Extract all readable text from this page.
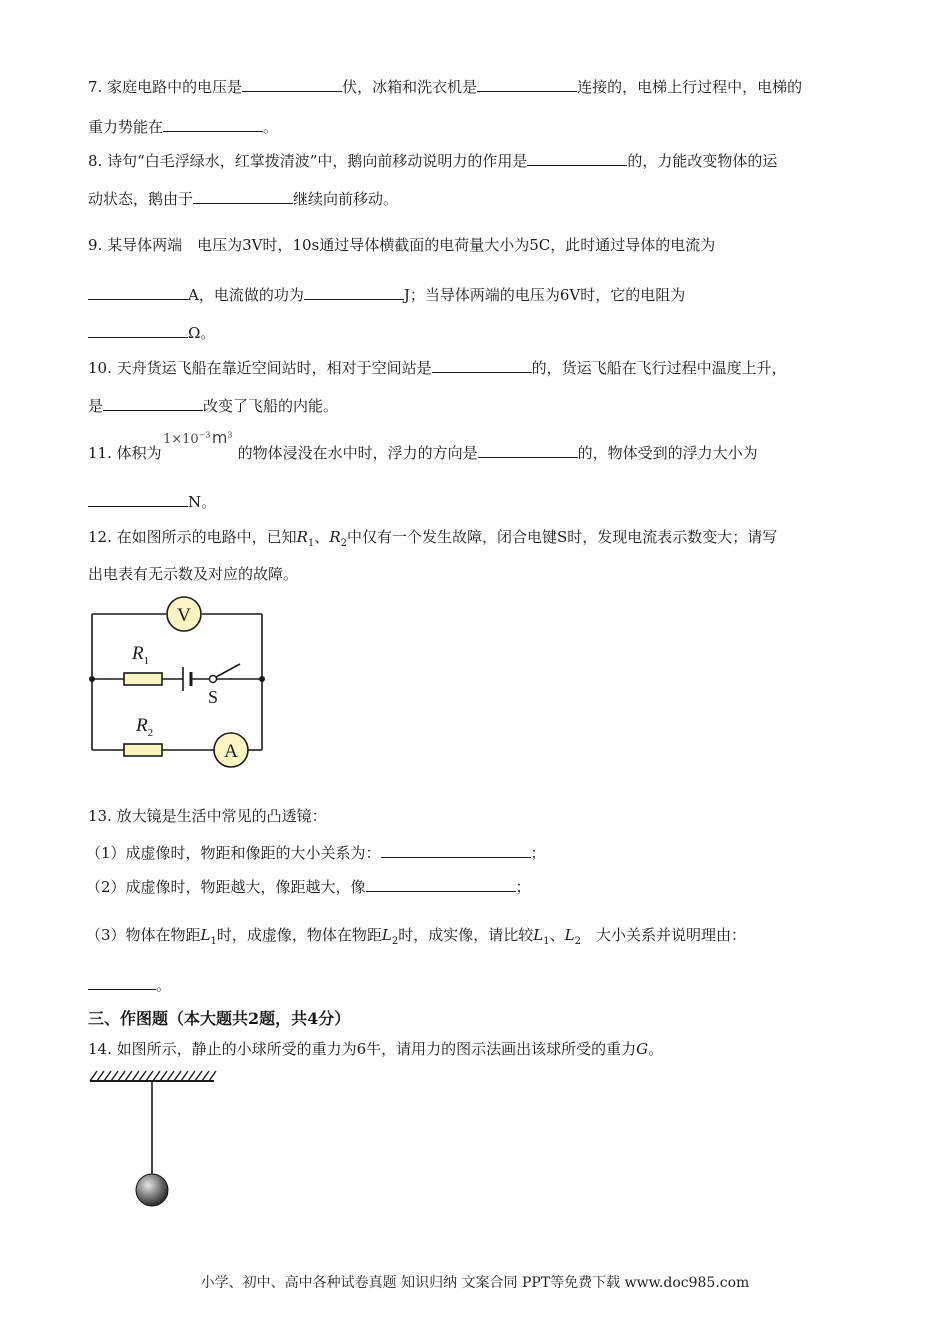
7. 家庭电路中的电压是	伏，冰箱和洗衣机是	连接的，电梯上行过程中，电梯的
重力势能在	。
8. 诗句“白毛浮绿水，红掌拨清波”中，鹅向前移动说明力的作用是	的，力能改变物体的运
动状态，鹅由于	继续向前移动。
9. 某导体两端　电压为3V时，10s通过导体横截面的电荷量大小为5C，此时通过导体的电流为
A，电流做的功为	J；当导体两端的电压为6V时，它的电阻为
Ω。
10. 天舟货运飞船在靠近空间站时，相对于空间站是	的，货运飞船在飞行过程中温度上升，
是	改变了飞船的内能。
$1\times 10^{-3}$ $m^3$
11. 体积为	的物体浸没在水中时，浮力的方向是	的，物体受到的浮力大小为
N。
12. 在如图所示的电路中，已知$R_1$、$R_2$中仅有一个发生故障，闭合电键S时，发现电流表示数变大；请写
出电表有无示数及对应的故障。
V
$R_1$
S
$R_2$
A
13. 放大镜是生活中常见的凸透镜：
（1）成虚像时，物距和像距的大小关系为：	；
（2）成虚像时，物距越大，像距越大，像	；
（3）物体在物距$L_1$时，成虚像，物体在物距$L_2$时，成实像，请比较$L_1$、$L_2$　大小关系并说明理由：
。
三、作图题（本大题共2题，共4分）
14. 如图所示，静止的小球所受的重力为6牛，请用力的图示法画出该球所受的重力G。
小学、初中、高中各种试卷真题 知识归纳 文案合同 PPT等免费下载 www.doc985.com
